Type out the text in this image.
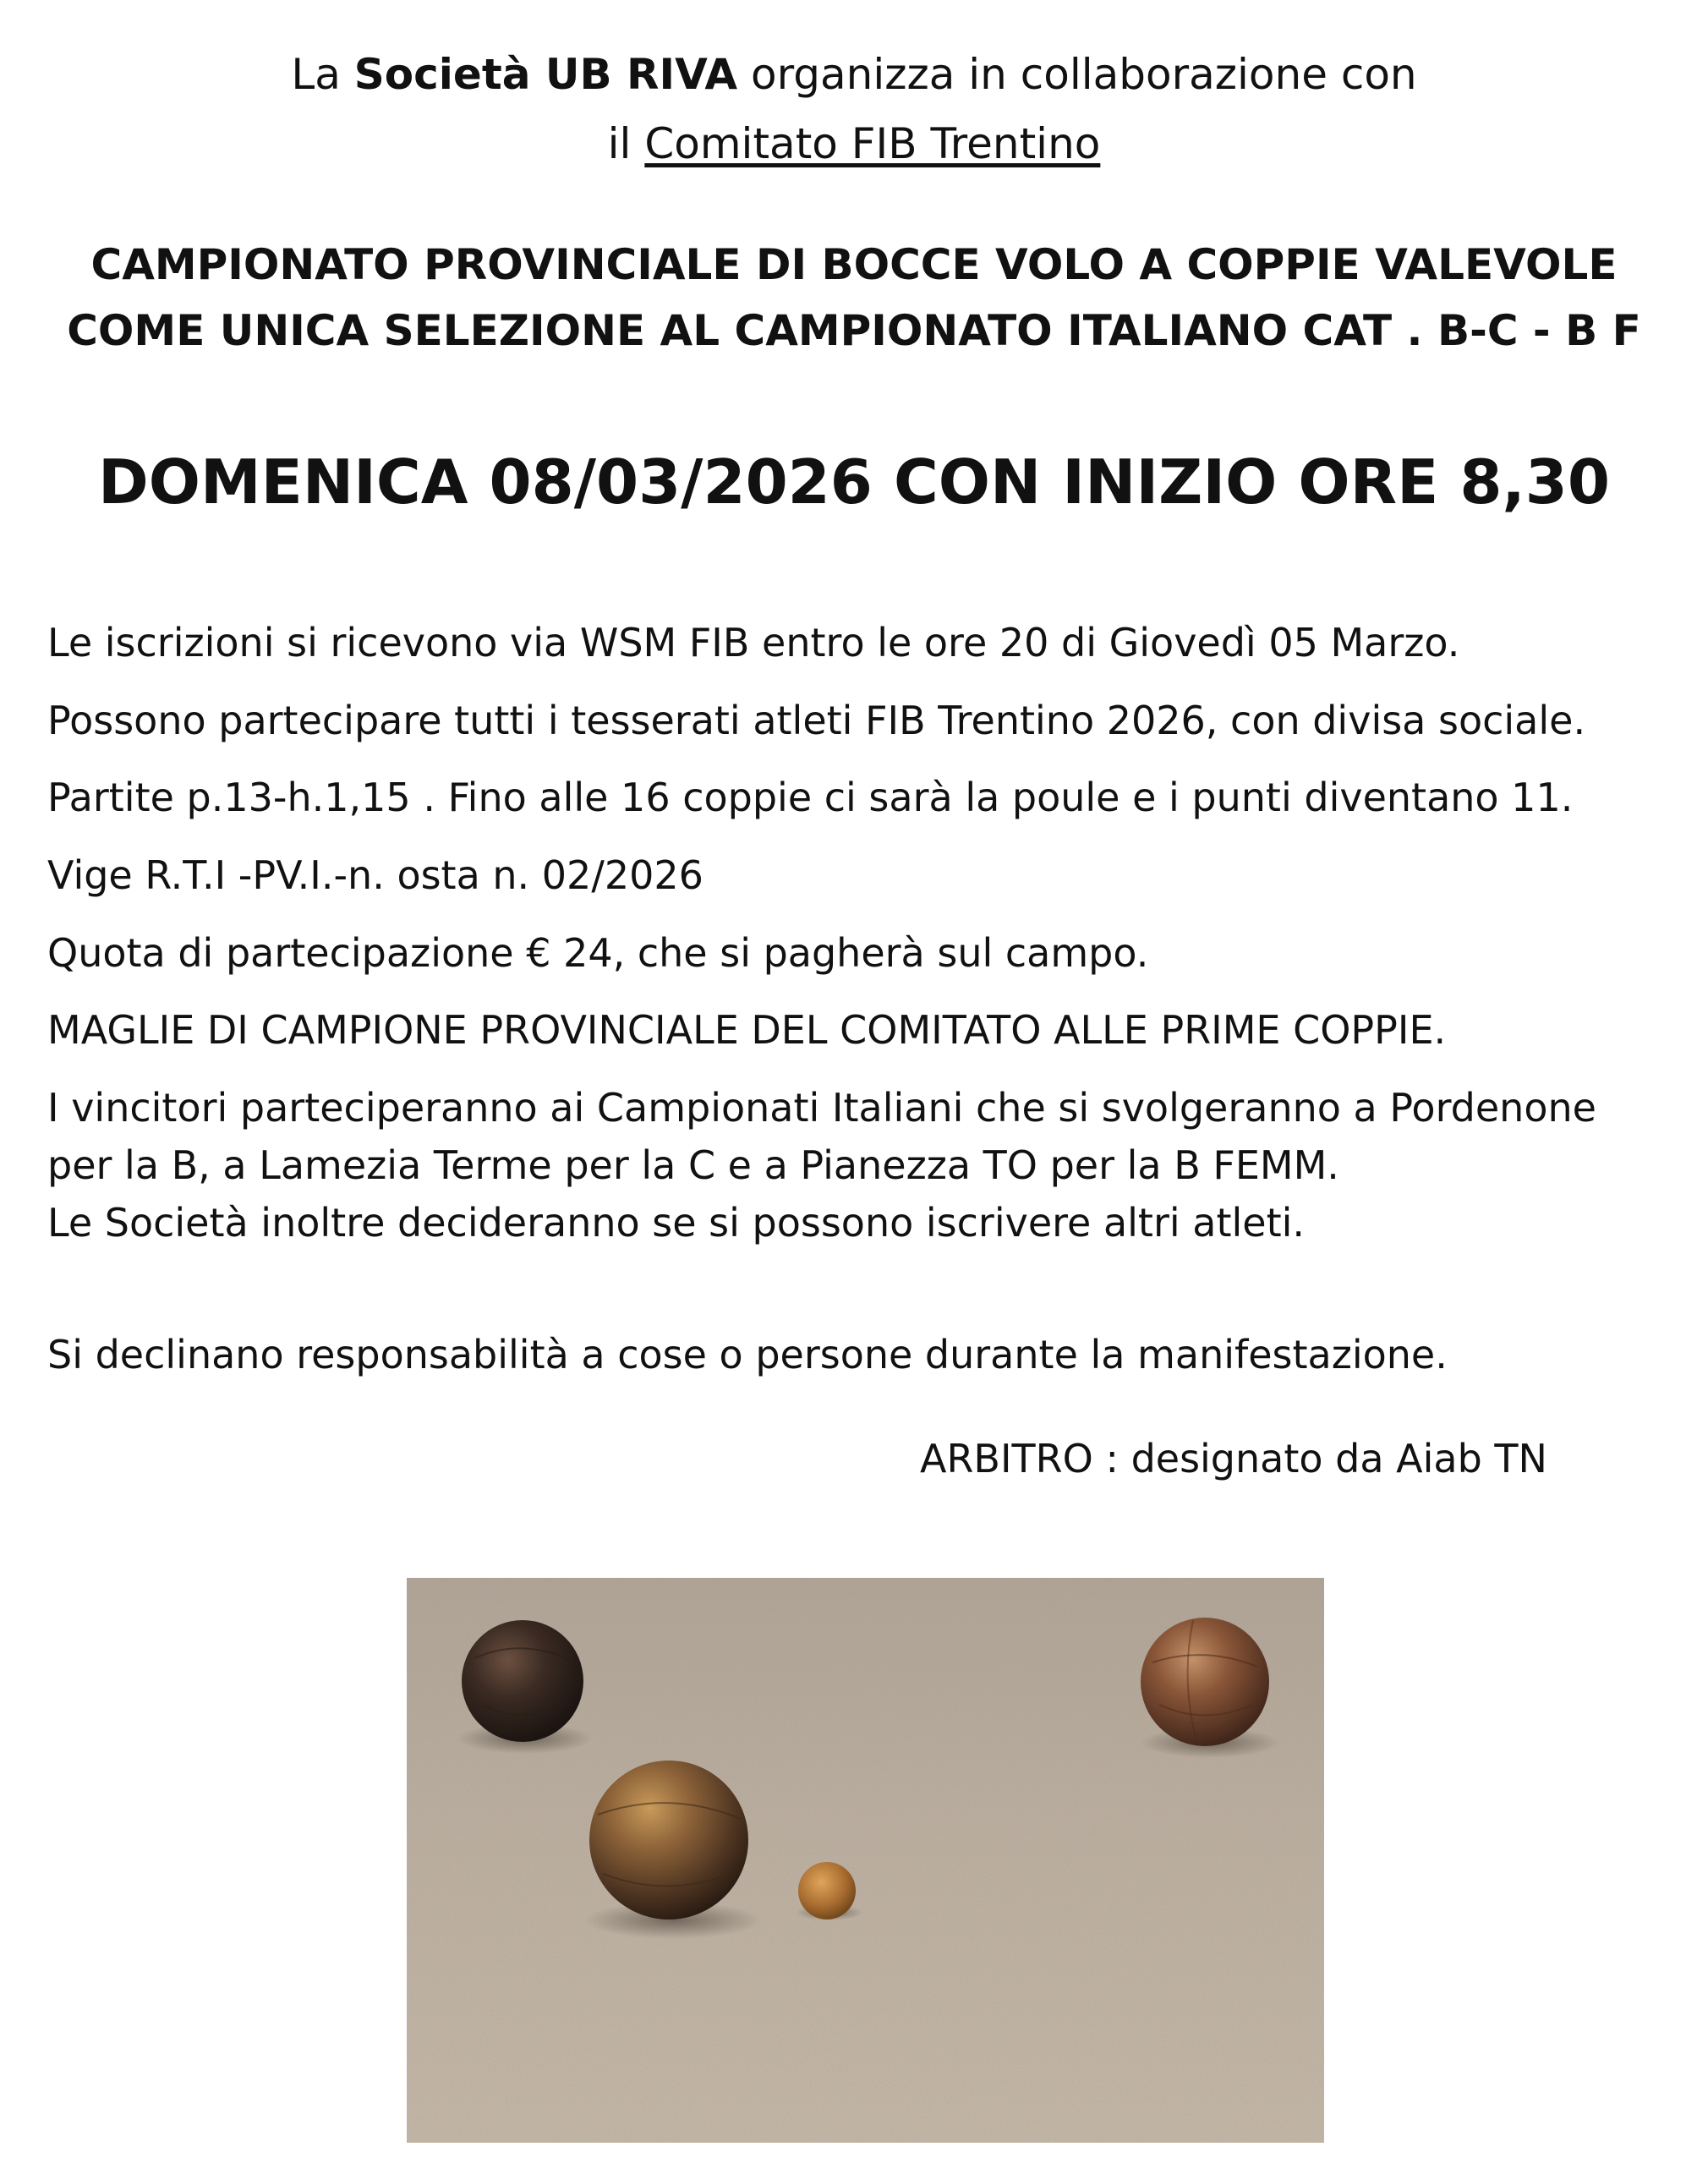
La Società UB RIVA organizza in collaborazione con
il Comitato FIB Trentino
CAMPIONATO PROVINCIALE DI BOCCE VOLO A COPPIE VALEVOLE
COME UNICA SELEZIONE AL CAMPIONATO ITALIANO CAT . B-C - B F
DOMENICA 08/03/2026 CON INIZIO ORE 8,30
Le iscrizioni si ricevono via WSM FIB entro le ore 20 di Giovedì 05 Marzo.
Possono partecipare tutti i tesserati atleti FIB Trentino 2026, con divisa sociale.
Partite p.13-h.1,15 . Fino alle 16 coppie ci sarà la poule e i punti diventano 11.
Vige R.T.I -PV.I.-n. osta n. 02/2026
Quota di partecipazione € 24, che si pagherà sul campo.
MAGLIE DI CAMPIONE PROVINCIALE DEL COMITATO ALLE PRIME COPPIE.
I vincitori parteciperanno ai Campionati Italiani che si svolgeranno a Pordenone
per la B, a Lamezia Terme per la C e a Pianezza TO per la B FEMM.
Le Società inoltre decideranno se si possono iscrivere altri atleti.
Si declinano responsabilità a cose o persone durante la manifestazione.
ARBITRO : designato da Aiab TN
